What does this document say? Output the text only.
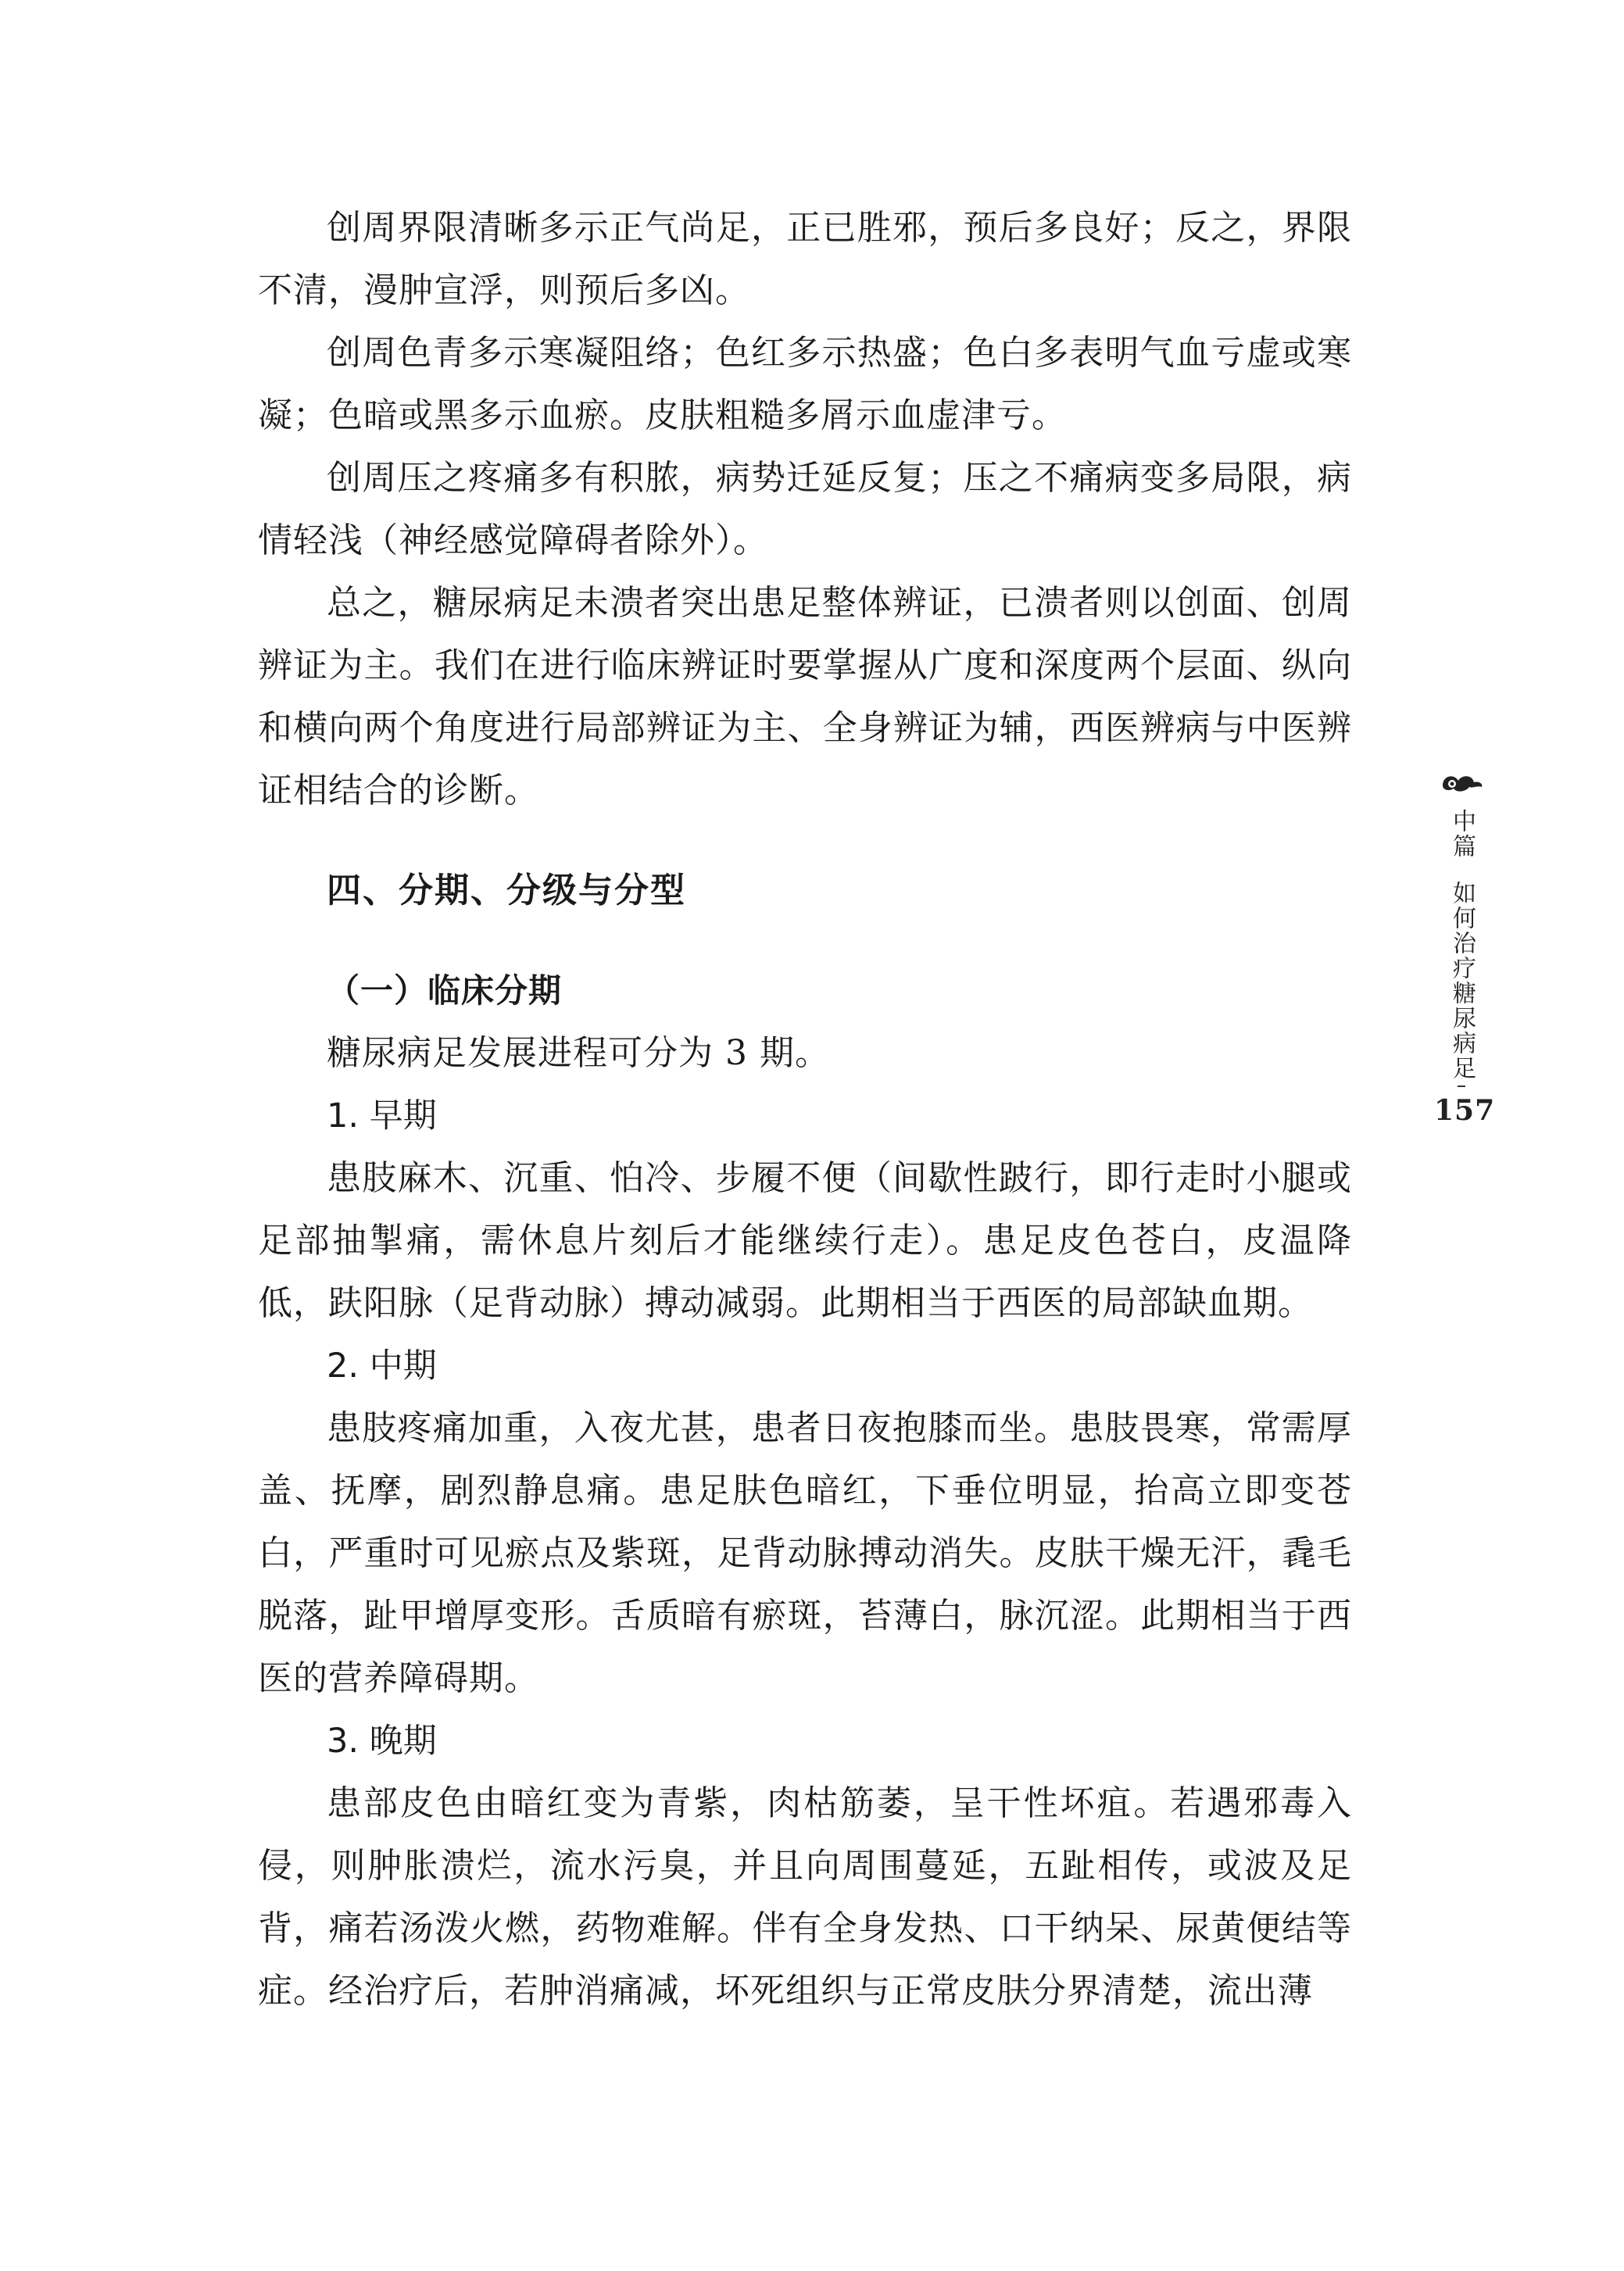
创周界限清晰多示正气尚足，正已胜邪，预后多良好；反之，界限不清，漫肿宣浮，则预后多凶。

创周色青多示寒凝阻络；色红多示热盛；色白多表明气血亏虚或寒凝；色暗或黑多示血瘀。皮肤粗糙多屑示血虚津亏。

创周压之疼痛多有积脓，病势迁延反复；压之不痛病变多局限，病情轻浅（神经感觉障碍者除外）。

总之，糖尿病足未溃者突出患足整体辨证，已溃者则以创面、创周辨证为主。我们在进行临床辨证时要掌握从广度和深度两个层面、纵向和横向两个角度进行局部辨证为主、全身辨证为辅，西医辨病与中医辨证相结合的诊断。

四、分期、分级与分型
（一）临床分期

糖尿病足发展进程可分为 3 期。

1. 早期

患肢麻木、沉重、怕冷、步履不便（间歇性跛行，即行走时小腿或足部抽掣痛，需休息片刻后才能继续行走）。患足皮色苍白，皮温降低，趺阳脉（足背动脉）搏动减弱。此期相当于西医的局部缺血期。

2. 中期

患肢疼痛加重，入夜尤甚，患者日夜抱膝而坐。患肢畏寒，常需厚盖、抚摩，剧烈静息痛。患足肤色暗红，下垂位明显，抬高立即变苍白，严重时可见瘀点及紫斑，足背动脉搏动消失。皮肤干燥无汗，毳毛脱落，趾甲增厚变形。舌质暗有瘀斑，苔薄白，脉沉涩。此期相当于西医的营养障碍期。

3. 晚期

患部皮色由暗红变为青紫，肉枯筋萎，呈干性坏疽。若遇邪毒入侵，则肿胀溃烂，流水污臭，并且向周围蔓延，五趾相传，或波及足背，痛若汤泼火燃，药物难解。伴有全身发热、口干纳呆、尿黄便结等症。经治疗后，若肿消痛减，坏死组织与正常皮肤分界清楚，流出薄

中篇
如何治疗糖尿病足
157
